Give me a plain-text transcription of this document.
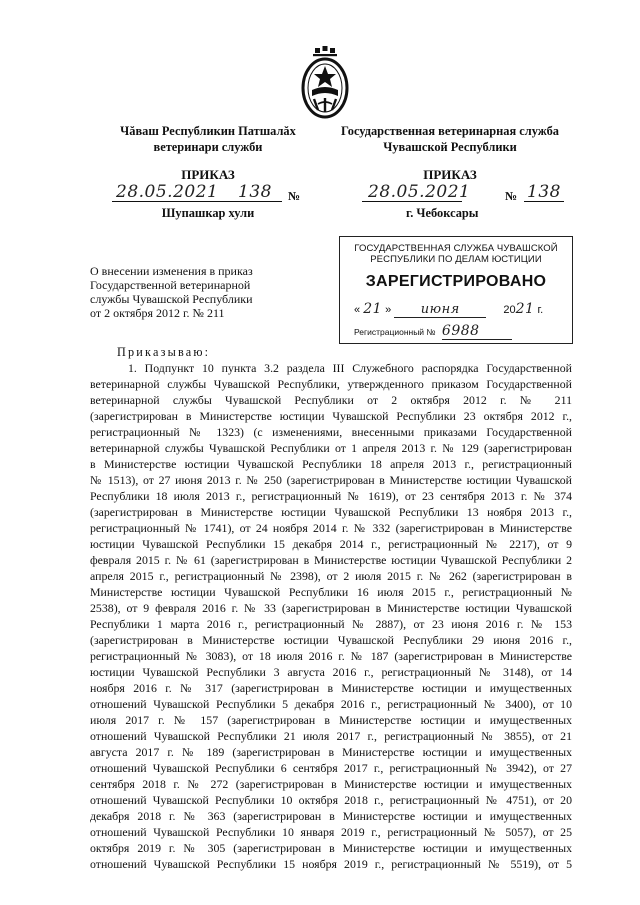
Чăваш Республикин Патшалăх
ветеринари служби
Государственная ветеринарная служба
Чувашской Республики
ПРИКАЗ	ПРИКАЗ
28.05.2021 138 №	28.05.2021	№ 138
Шупашкар хули	г. Чебоксары
ГОСУДАРСТВЕННАЯ СЛУЖБА ЧУВАШСКОЙ
РЕСПУБЛИКИ ПО ДЕЛАМ ЮСТИЦИИ
ЗАРЕГИСТРИРОВАНО
« 21 » июня	2021 г.
Регистрационный № 6988
О внесении изменения в приказ
Государственной ветеринарной
службы Чувашской Республики
от 2 октября 2012 г. № 211
Приказываю:
1. Подпункт 10 пункта 3.2 раздела III Служебного распорядка Государственной
ветеринарной службы Чувашской Республики, утвержденного приказом Государственной
ветеринарной службы Чувашской Республики от 2 октября 2012 г. № 211
(зарегистрирован в Министерстве юстиции Чувашской Республики 23 октября 2012 г.,
регистрационный № 1323) (с изменениями, внесенными приказами Государственной
ветеринарной службы Чувашской Республики от 1 апреля 2013 г. № 129 (зарегистрирован
в Министерстве юстиции Чувашской Республики 18 апреля 2013 г., регистрационный
№ 1513), от 27 июня 2013 г. № 250 (зарегистрирован в Министерстве юстиции Чувашской
Республики 18 июля 2013 г., регистрационный № 1619), от 23 сентября 2013 г. № 374
(зарегистрирован в Министерстве юстиции Чувашской Республики 13 ноября 2013 г.,
регистрационный № 1741), от 24 ноября 2014 г. № 332 (зарегистрирован в Министерстве
юстиции Чувашской Республики 15 декабря 2014 г., регистрационный № 2217), от 9
февраля 2015 г. № 61 (зарегистрирован в Министерстве юстиции Чувашской Республики 2
апреля 2015 г., регистрационный № 2398), от 2 июля 2015 г. № 262 (зарегистрирован в
Министерстве юстиции Чувашской Республики 16 июля 2015 г., регистрационный №
2538), от 9 февраля 2016 г. № 33 (зарегистрирован в Министерстве юстиции Чувашской
Республики 1 марта 2016 г., регистрационный № 2887), от 23 июня 2016 г. № 153
(зарегистрирован в Министерстве юстиции Чувашской Республики 29 июня 2016 г.,
регистрационный № 3083), от 18 июля 2016 г. № 187 (зарегистрирован в Министерстве
юстиции Чувашской Республики 3 августа 2016 г., регистрационный № 3148), от 14
ноября 2016 г. № 317 (зарегистрирован в Министерстве юстиции и имущественных
отношений Чувашской Республики 5 декабря 2016 г., регистрационный № 3400), от 10
июля 2017 г. № 157 (зарегистрирован в Министерстве юстиции и имущественных
отношений Чувашской Республики 21 июля 2017 г., регистрационный № 3855), от 21
августа 2017 г. № 189 (зарегистрирован в Министерстве юстиции и имущественных
отношений Чувашской Республики 6 сентября 2017 г., регистрационный № 3942), от 27
сентября 2018 г. № 272 (зарегистрирован в Министерстве юстиции и имущественных
отношений Чувашской Республики 10 октября 2018 г., регистрационный № 4751), от 20
декабря 2018 г. № 363 (зарегистрирован в Министерстве юстиции и имущественных
отношений Чувашской Республики 10 января 2019 г., регистрационный № 5057), от 25
октября 2019 г. № 305 (зарегистрирован в Министерстве юстиции и имущественных
отношений Чувашской Республики 15 ноября 2019 г., регистрационный № 5519), от 5
